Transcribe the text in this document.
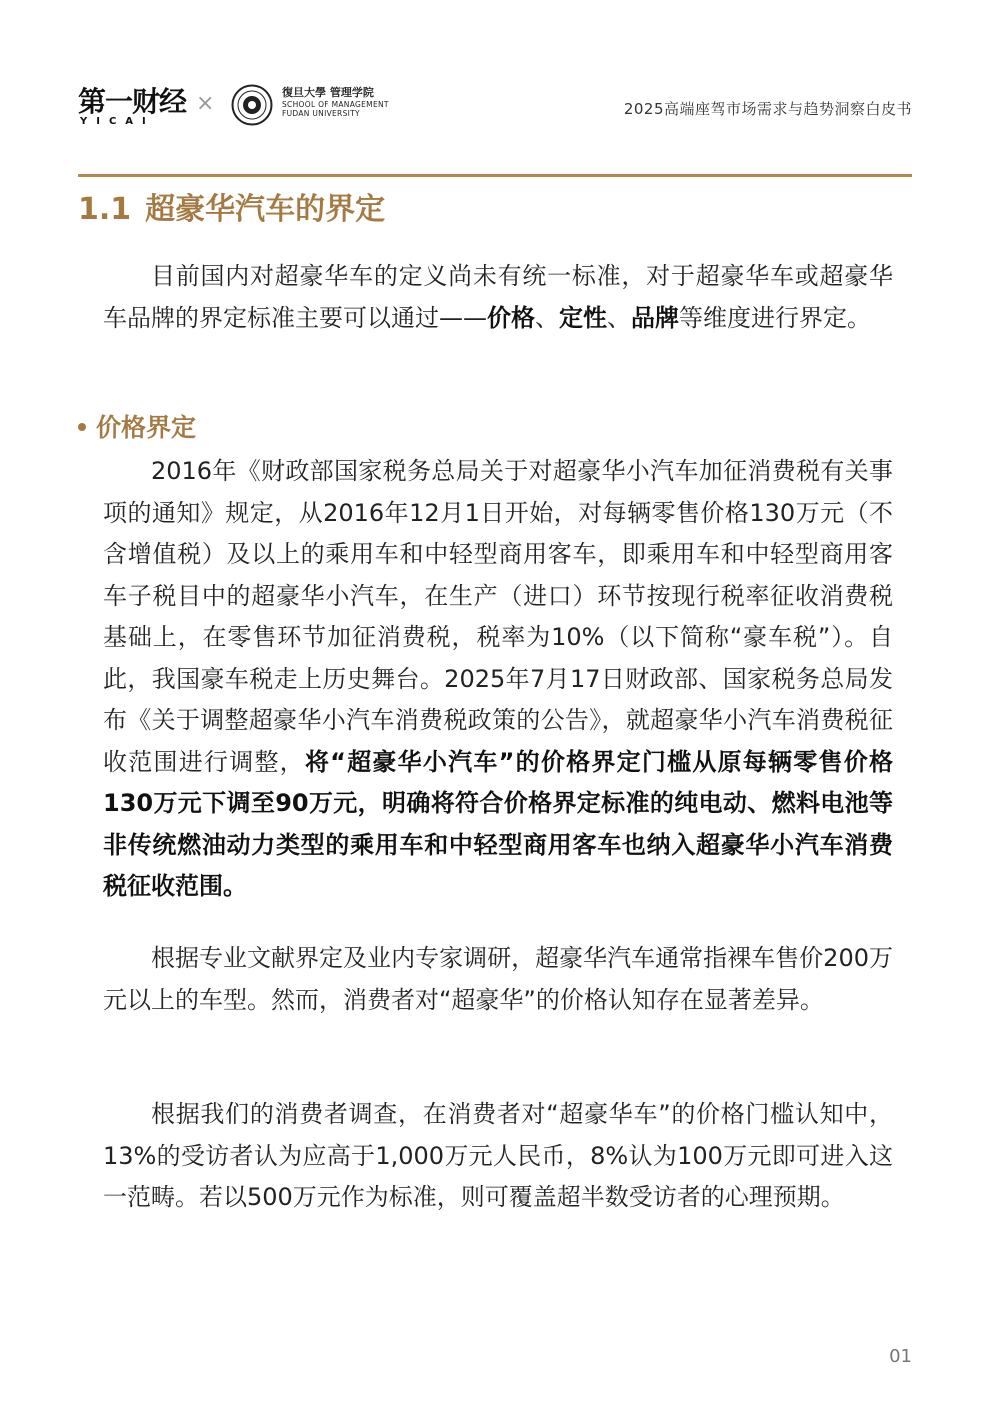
第一财经
YICAI
×	復旦大學 管理学院
SCHOOL OF MANAGEMENT
FUDAN UNIVERSITY	2025高端座驾市场需求与趋势洞察白皮书
1.1 超豪华汽车的界定

目前国内对超豪华车的定义尚未有统一标准，对于超豪华车或超豪华车品牌的界定标准主要可以通过——价格、定性、品牌等维度进行界定。

价格界定

2016年《财政部国家税务总局关于对超豪华小汽车加征消费税有关事项的通知》规定，从2016年12月1日开始，对每辆零售价格130万元（不含增值税）及以上的乘用车和中轻型商用客车，即乘用车和中轻型商用客车子税目中的超豪华小汽车，在生产（进口）环节按现行税率征收消费税基础上，在零售环节加征消费税，税率为10%（以下简称“豪车税”）。自此，我国豪车税走上历史舞台。2025年7月17日财政部、国家税务总局发布《关于调整超豪华小汽车消费税政策的公告》，就超豪华小汽车消费税征收范围进行调整，将“超豪华小汽车”的价格界定门槛从原每辆零售价格130万元下调至90万元，明确将符合价格界定标准的纯电动、燃料电池等非传统燃油动力类型的乘用车和中轻型商用客车也纳入超豪华小汽车消费税征收范围。

根据专业文献界定及业内专家调研，超豪华汽车通常指裸车售价200万元以上的车型。然而，消费者对“超豪华”的价格认知存在显著差异。

根据我们的消费者调查，在消费者对“超豪华车”的价格门槛认知中，13%的受访者认为应高于1,000万元人民币，8%认为100万元即可进入这一范畴。若以500万元作为标准，则可覆盖超半数受访者的心理预期。

01
